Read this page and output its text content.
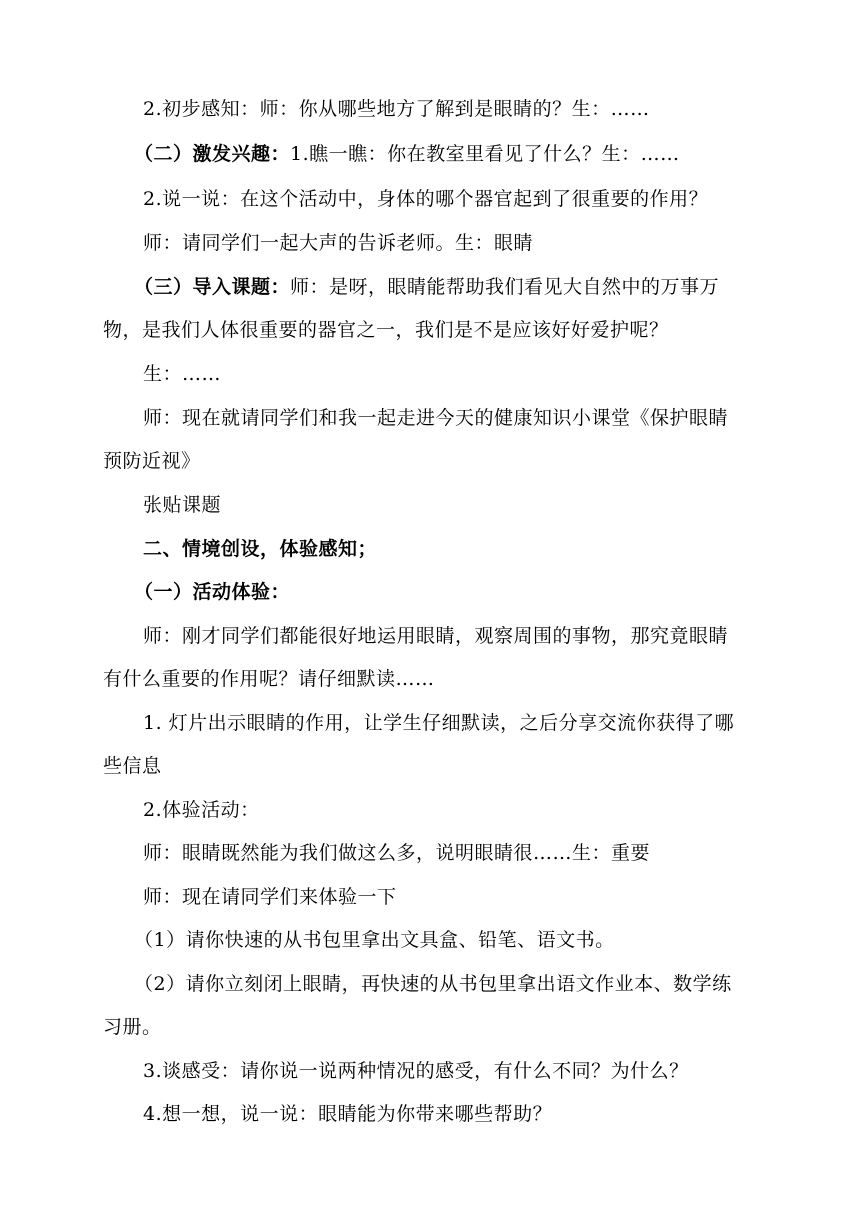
2.初步感知：师：你从哪些地方了解到是眼睛的？生：……
（二）激发兴趣：1.瞧一瞧：你在教室里看见了什么？生：……
2.说一说：在这个活动中，身体的哪个器官起到了很重要的作用？
师：请同学们一起大声的告诉老师。生：眼睛
（三）导入课题：师：是呀，眼睛能帮助我们看见大自然中的万事万
物，是我们人体很重要的器官之一，我们是不是应该好好爱护呢？
生：……
师：现在就请同学们和我一起走进今天的健康知识小课堂《保护眼睛
预防近视》
张贴课题
二、情境创设，体验感知；
（一）活动体验：
师：刚才同学们都能很好地运用眼睛，观察周围的事物，那究竟眼睛
有什么重要的作用呢？请仔细默读……
1. 灯片出示眼睛的作用，让学生仔细默读，之后分享交流你获得了哪
些信息
2.体验活动：
师：眼睛既然能为我们做这么多，说明眼睛很……生：重要
师：现在请同学们来体验一下
（1）请你快速的从书包里拿出文具盒、铅笔、语文书。
（2）请你立刻闭上眼睛，再快速的从书包里拿出语文作业本、数学练
习册。
3.谈感受：请你说一说两种情况的感受，有什么不同？为什么？
4.想一想，说一说：眼睛能为你带来哪些帮助？
